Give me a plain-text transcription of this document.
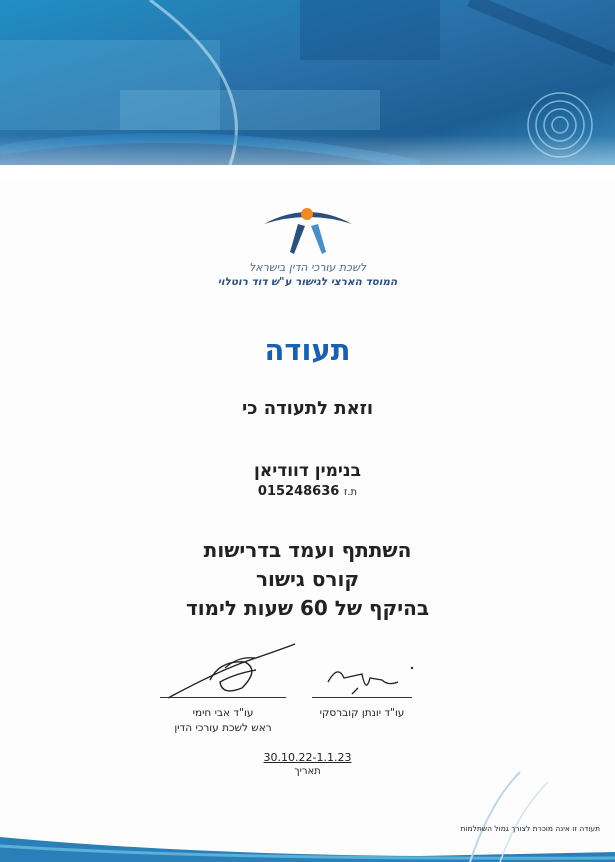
לשכת עורכי הדין בישראל
המוסד הארצי לגישור ע"ש דוד רוטלוי
תעודה
וזאת לתעודה כי
בנימין דוודיאן
ת.ז 015248636
השתתף ועמד בדרישות
קורס גישור
בהיקף של 60 שעות לימוד
עו"ד יונתן קוברסקי
עו"ד אבי חימי
ראש לשכת עורכי הדין
30.10.22-1.1.23
תאריך
תעודה זו אינה מוכרת לצורך גמול השתלמות
